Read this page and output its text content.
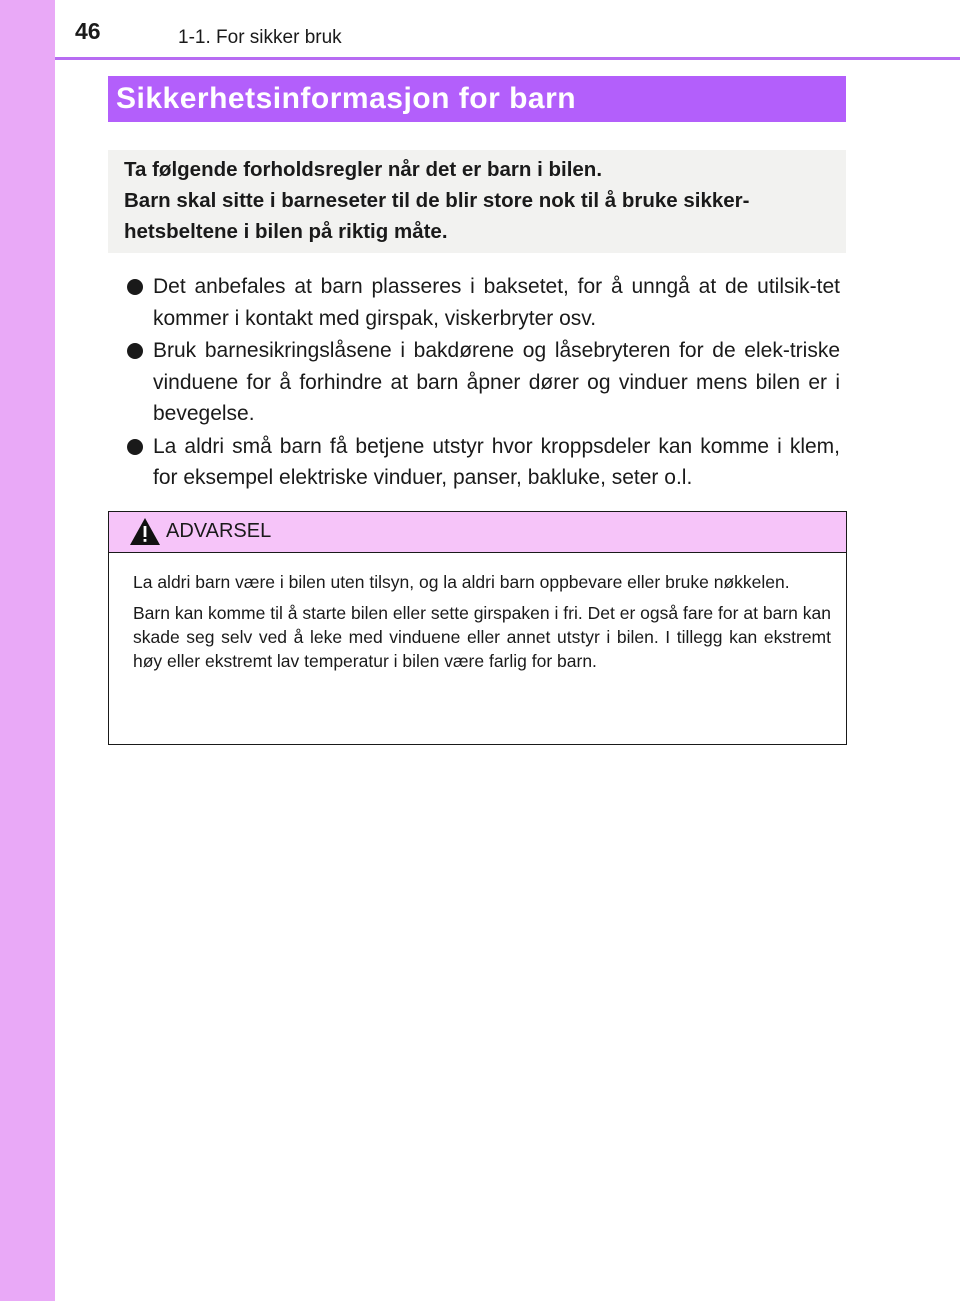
46	1-1. For sikker bruk
Sikkerhetsinformasjon for barn

Ta følgende forholdsregler når det er barn i bilen.

Barn skal sitte i barneseter til de blir store nok til å bruke sikker-hetsbeltene i bilen på riktig måte.

Det anbefales at barn plasseres i baksetet, for å unngå at de utilsik-tet kommer i kontakt med girspak, viskerbryter osv.
Bruk barnesikringslåsene i bakdørene og låsebryteren for de elek-triske vinduene for å forhindre at barn åpner dører og vinduer mens bilen er i bevegelse.
La aldri små barn få betjene utstyr hvor kroppsdeler kan komme i klem, for eksempel elektriske vinduer, panser, bakluke, seter o.l.
ADVARSEL

La aldri barn være i bilen uten tilsyn, og la aldri barn oppbevare eller bruke nøkkelen.

Barn kan komme til å starte bilen eller sette girspaken i fri. Det er også fare for at barn kan skade seg selv ved å leke med vinduene eller annet utstyr i bilen. I tillegg kan ekstremt høy eller ekstremt lav temperatur i bilen være farlig for barn.
